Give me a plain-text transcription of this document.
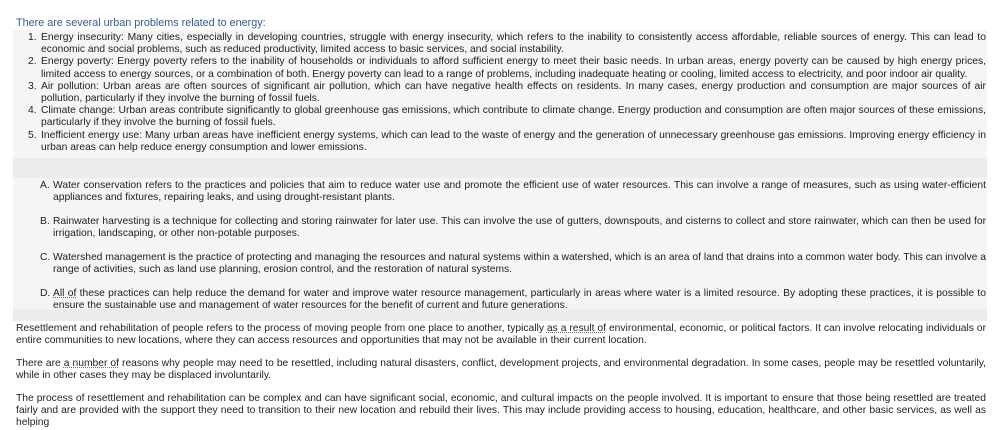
There are several urban problems related to energy:
1. Energy insecurity: Many cities, especially in developing countries, struggle with energy insecurity, which refers to the inability to consistently access affordable, reliable sources of energy. This can lead to economic and social problems, such as reduced productivity, limited access to basic services, and social instability.
2. Energy poverty: Energy poverty refers to the inability of households or individuals to afford sufficient energy to meet their basic needs. In urban areas, energy poverty can be caused by high energy prices, limited access to energy sources, or a combination of both. Energy poverty can lead to a range of problems, including inadequate heating or cooling, limited access to electricity, and poor indoor air quality.
3. Air pollution: Urban areas are often sources of significant air pollution, which can have negative health effects on residents. In many cases, energy production and consumption are major sources of air pollution, particularly if they involve the burning of fossil fuels.
4. Climate change: Urban areas contribute significantly to global greenhouse gas emissions, which contribute to climate change. Energy production and consumption are often major sources of these emissions, particularly if they involve the burning of fossil fuels.
5. Inefficient energy use: Many urban areas have inefficient energy systems, which can lead to the waste of energy and the generation of unnecessary greenhouse gas emissions. Improving energy efficiency in urban areas can help reduce energy consumption and lower emissions.
A. Water conservation refers to the practices and policies that aim to reduce water use and promote the efficient use of water resources. This can involve a range of measures, such as using water-efficient appliances and fixtures, repairing leaks, and using drought-resistant plants.
B. Rainwater harvesting is a technique for collecting and storing rainwater for later use. This can involve the use of gutters, downspouts, and cisterns to collect and store rainwater, which can then be used for irrigation, landscaping, or other non-potable purposes.
C. Watershed management is the practice of protecting and managing the resources and natural systems within a watershed, which is an area of land that drains into a common water body. This can involve a range of activities, such as land use planning, erosion control, and the restoration of natural systems.
D. All of these practices can help reduce the demand for water and improve water resource management, particularly in areas where water is a limited resource. By adopting these practices, it is possible to ensure the sustainable use and management of water resources for the benefit of current and future generations.

Resettlement and rehabilitation of people refers to the process of moving people from one place to another, typically as a result of environmental, economic, or political factors. It can involve relocating individuals or entire communities to new locations, where they can access resources and opportunities that may not be available in their current location.

There are a number of reasons why people may need to be resettled, including natural disasters, conflict, development projects, and environmental degradation. In some cases, people may be resettled voluntarily, while in other cases they may be displaced involuntarily.

The process of resettlement and rehabilitation can be complex and can have significant social, economic, and cultural impacts on the people involved. It is important to ensure that those being resettled are treated fairly and are provided with the support they need to transition to their new location and rebuild their lives. This may include providing access to housing, education, healthcare, and other basic services, as well as helping
